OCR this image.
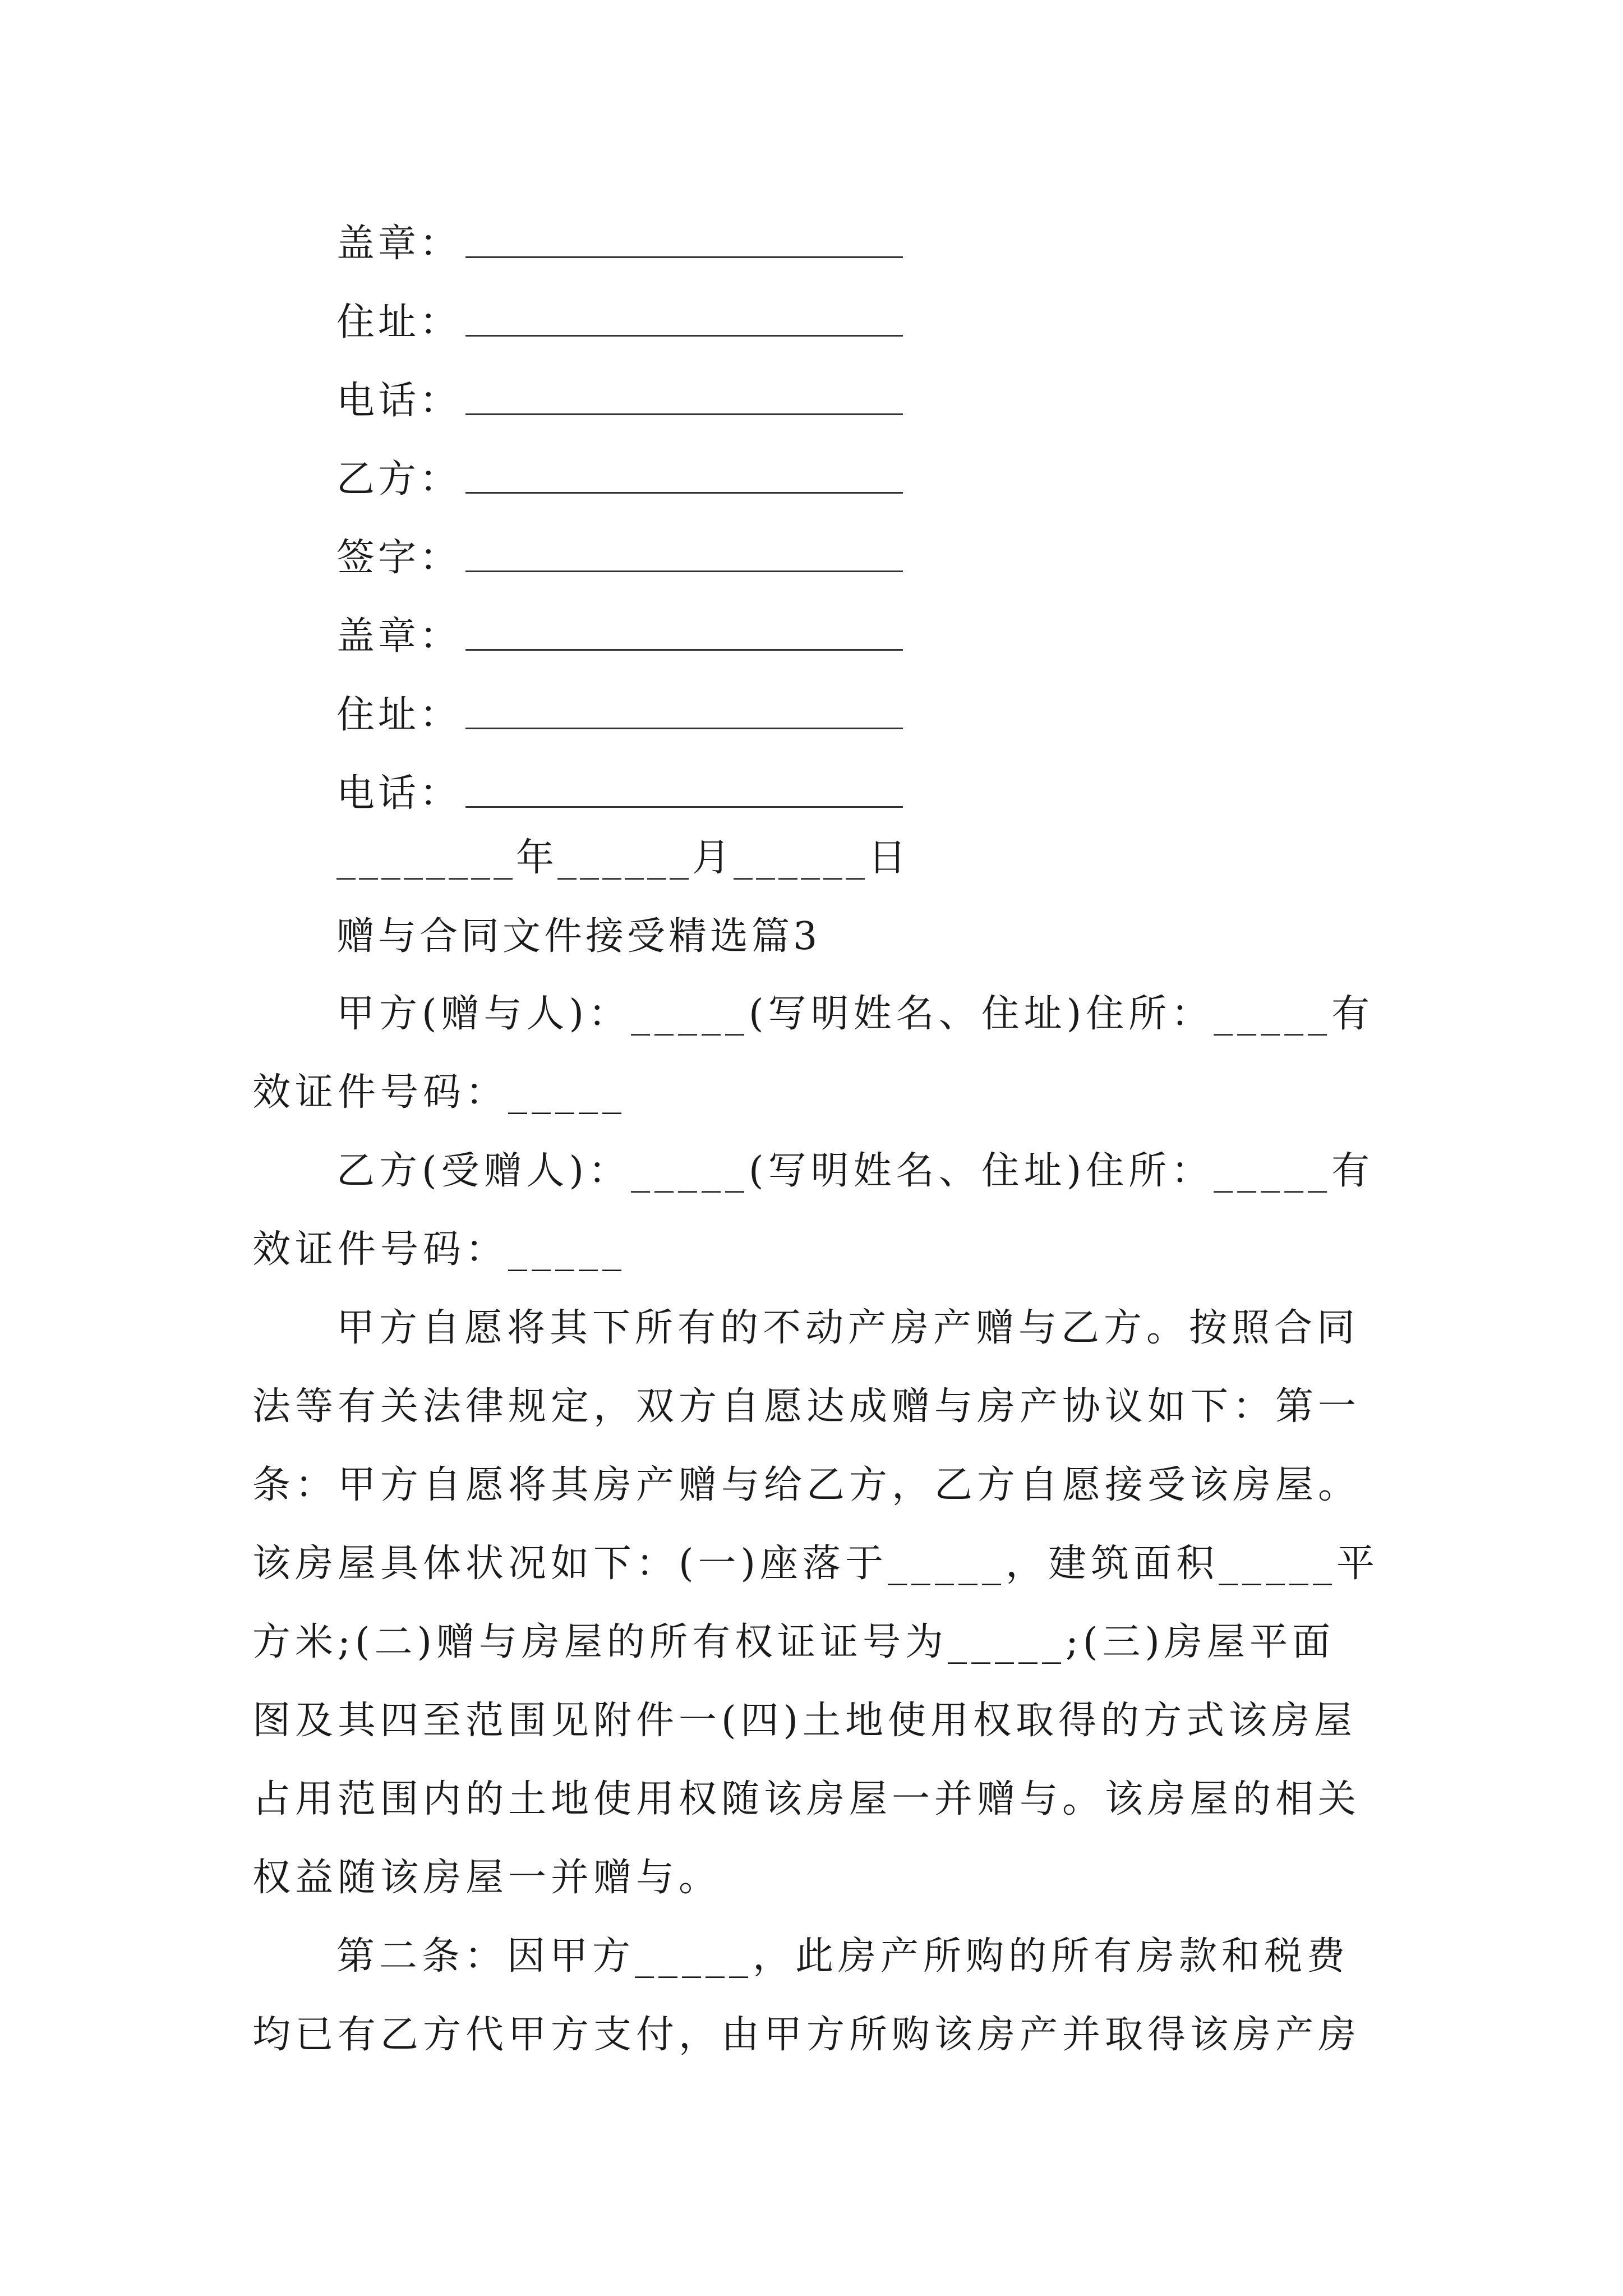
盖章：
住址：
电话：
乙方：
签字：
盖章：
住址：
电话：
________年______月______日
赠与合同文件接受精选篇3
甲方(赠与人)：_____(写明姓名、住址)住所：_____有
效证件号码：_____
乙方(受赠人)：_____(写明姓名、住址)住所：_____有
效证件号码：_____
甲方自愿将其下所有的不动产房产赠与乙方。按照合同
法等有关法律规定，双方自愿达成赠与房产协议如下：第一
条：甲方自愿将其房产赠与给乙方，乙方自愿接受该房屋。
该房屋具体状况如下：(一)座落于_____，建筑面积_____平
方米;(二)赠与房屋的所有权证证号为_____;(三)房屋平面
图及其四至范围见附件一(四)土地使用权取得的方式该房屋
占用范围内的土地使用权随该房屋一并赠与。该房屋的相关
权益随该房屋一并赠与。
第二条：因甲方_____，此房产所购的所有房款和税费
均已有乙方代甲方支付，由甲方所购该房产并取得该房产房
